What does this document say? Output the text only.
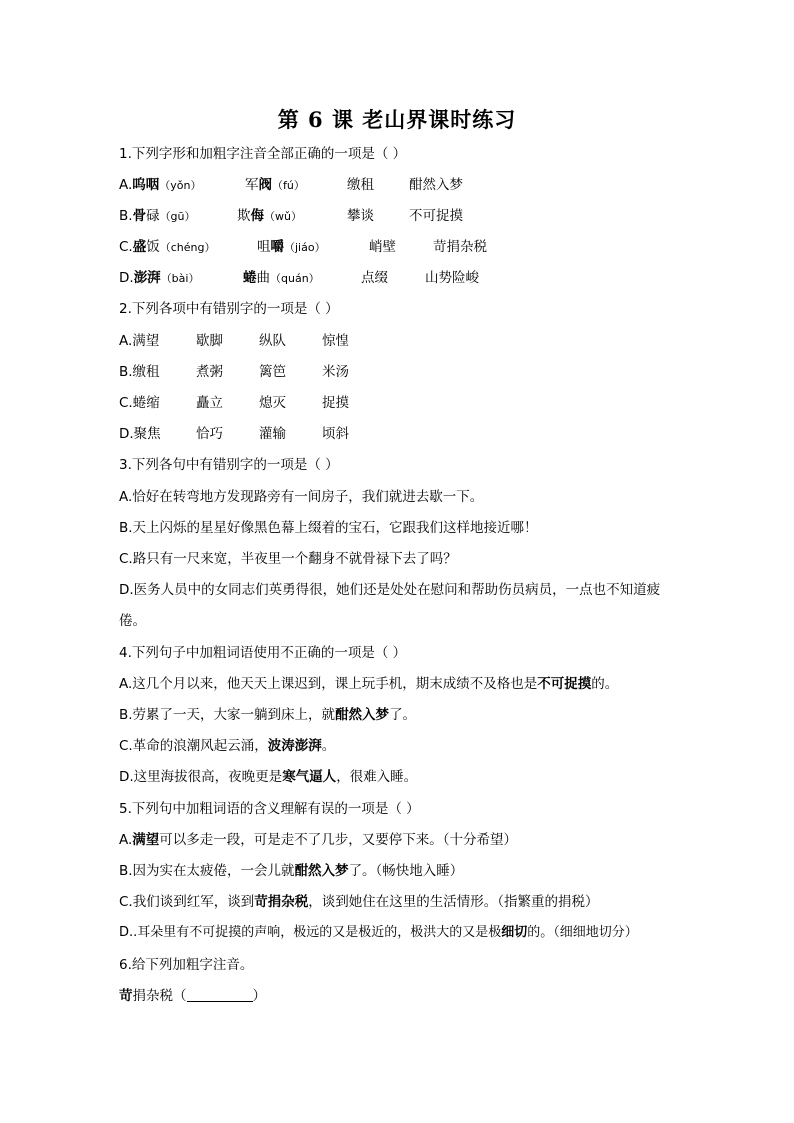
第 6 课 老山界课时练习
1.下列字形和加粗字注音全部正确的一项是（ ）
A.呜咽（yǒn）	军阀（fú）	缴租	酣然入梦
B.骨碌（gū）	欺侮（wǔ）	攀谈	不可捉摸
C.盛饭（chéng）	咀嚼（jiáo）	峭壁	苛捐杂税
D.澎湃（bài）	蜷曲（quán）	点缀	山势险峻
2.下列各项中有错别字的一项是（ ）
A.满望	歇脚	纵队	惊惶
B.缴租	煮粥	篱笆	米汤
C.蜷缩	矗立	熄灭	捉摸
D.聚焦	恰巧	灌输	顷斜
3.下列各句中有错别字的一项是（ ）
A.恰好在转弯地方发现路旁有一间房子，我们就进去歇一下。
B.天上闪烁的星星好像黑色幕上缀着的宝石，它跟我们这样地接近哪！
C.路只有一尺来宽，半夜里一个翻身不就骨禄下去了吗？
D.医务人员中的女同志们英勇得很，她们还是处处在慰问和帮助伤员病员，一点也不知道疲
倦。
4.下列句子中加粗词语使用不正确的一项是（ ）
A.这几个月以来，他天天上课迟到，课上玩手机，期末成绩不及格也是不可捉摸的。
B.劳累了一天，大家一躺到床上，就酣然入梦了。
C.革命的浪潮风起云涌，波涛澎湃。
D.这里海拔很高，夜晚更是寒气逼人，很难入睡。
5.下列句中加粗词语的含义理解有误的一项是（ ）
A.满望可以多走一段，可是走不了几步，又要停下来。（十分希望）
B.因为实在太疲倦，一会儿就酣然入梦了。（畅快地入睡）
C.我们谈到红军，谈到苛捐杂税，谈到她住在这里的生活情形。（指繁重的捐税）
D..耳朵里有不可捉摸的声响，极远的又是极近的，极洪大的又是极细切的。（细细地切分）
6.给下列加粗字注音。
苛捐杂税（	）
